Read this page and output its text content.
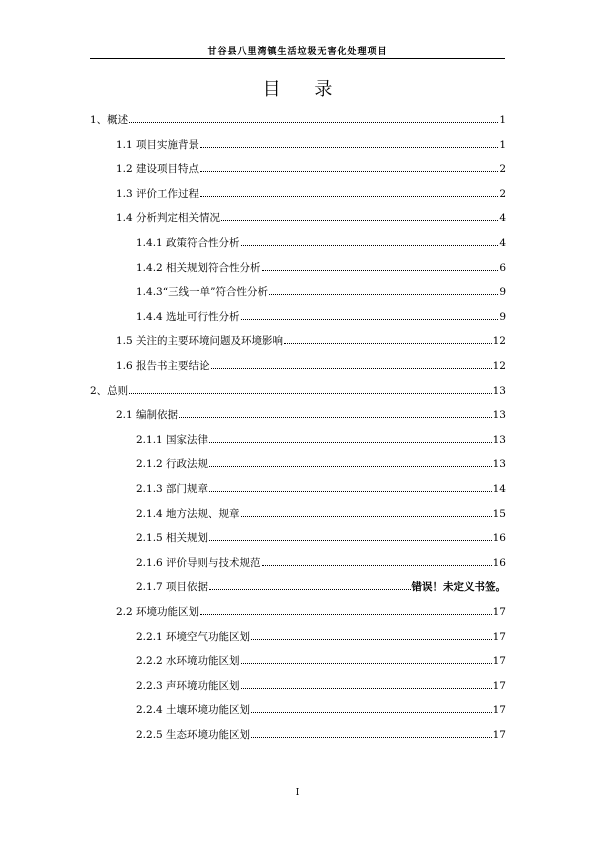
甘谷县八里湾镇生活垃圾无害化处理项目
目 录
1、概述	1
1.1 项目实施背景	1
1.2 建设项目特点	2
1.3 评价工作过程	2
1.4 分析判定相关情况	4
1.4.1 政策符合性分析	4
1.4.2 相关规划符合性分析	6
1.4.3“三线一单”符合性分析	9
1.4.4 选址可行性分析	9
1.5 关注的主要环境问题及环境影响	12
1.6 报告书主要结论	12
2、总则	13
2.1 编制依据	13
2.1.1 国家法律	13
2.1.2 行政法规	13
2.1.3 部门规章	14
2.1.4 地方法规、规章	15
2.1.5 相关规划	16
2.1.6 评价导则与技术规范	16
2.1.7 项目依据	错误！未定义书签。
2.2 环境功能区划	17
2.2.1 环境空气功能区划	17
2.2.2 水环境功能区划	17
2.2.3 声环境功能区划	17
2.2.4 土壤环境功能区划	17
2.2.5 生态环境功能区划	17
I
